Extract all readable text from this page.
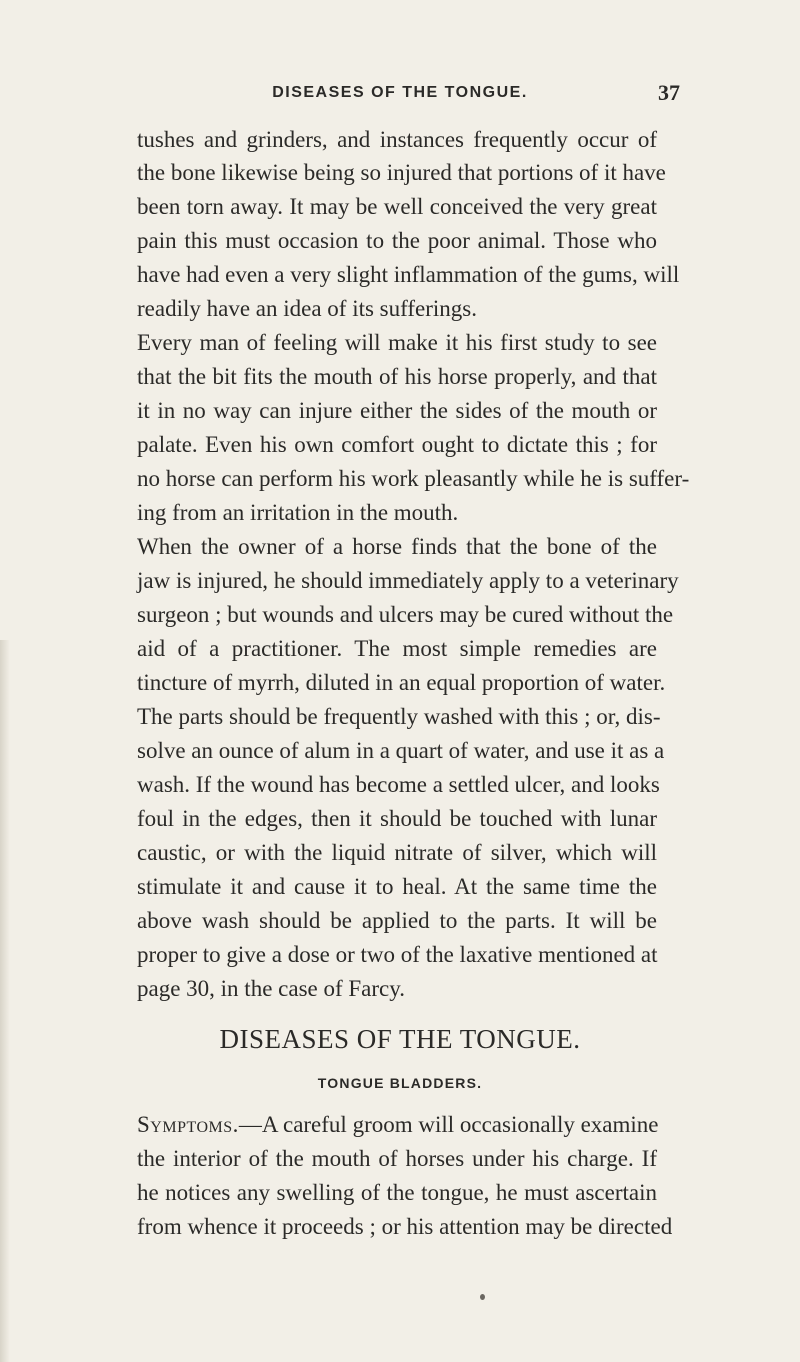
DISEASES OF THE TONGUE.	37
tushes and grinders, and instances frequently occur of
the bone likewise being so injured that portions of it have
been torn away. It may be well conceived the very great
pain this must occasion to the poor animal. Those who
have had even a very slight inflammation of the gums, will
readily have an idea of its sufferings.
Every man of feeling will make it his first study to see
that the bit fits the mouth of his horse properly, and that
it in no way can injure either the sides of the mouth or
palate. Even his own comfort ought to dictate this ; for
no horse can perform his work pleasantly while he is suffer-
ing from an irritation in the mouth.
When the owner of a horse finds that the bone of the
jaw is injured, he should immediately apply to a veterinary
surgeon ; but wounds and ulcers may be cured without the
aid of a practitioner. The most simple remedies are
tincture of myrrh, diluted in an equal proportion of water.
The parts should be frequently washed with this ; or, dis-
solve an ounce of alum in a quart of water, and use it as a
wash. If the wound has become a settled ulcer, and looks
foul in the edges, then it should be touched with lunar
caustic, or with the liquid nitrate of silver, which will
stimulate it and cause it to heal. At the same time the
above wash should be applied to the parts. It will be
proper to give a dose or two of the laxative mentioned at
page 30, in the case of Farcy.
DISEASES OF THE TONGUE.
TONGUE BLADDERS.
Symptoms.—A careful groom will occasionally examine
the interior of the mouth of horses under his charge. If
he notices any swelling of the tongue, he must ascertain
from whence it proceeds ; or his attention may be directed
